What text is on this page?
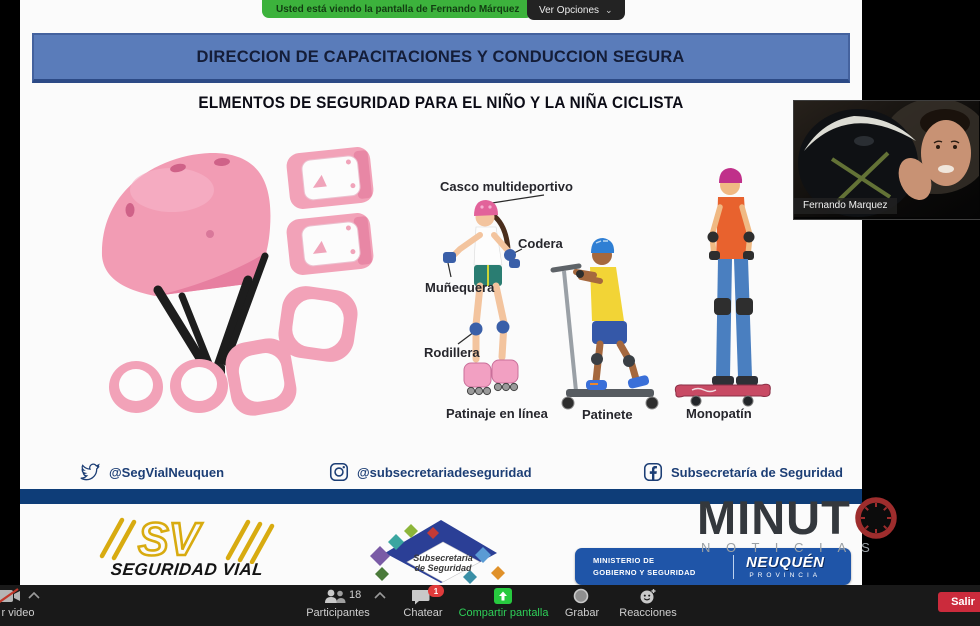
DIRECCION DE CAPACITACIONES Y CONDUCCION SEGURA
ELMENTOS DE SEGURIDAD PARA EL NIÑO Y LA NIÑA CICLISTA
Casco multideportivo
Codera
Muñequera
Rodillera
Patinaje en línea	Patinete	Monopatín
@SegVialNeuquen	@subsecretariadeseguridad	Subsecretaría de Seguridad
SV
SEGURIDAD VIAL
Subsecretaría
de Seguridad
MINISTERIO DE
GOBIERNO Y SEGURIDAD
NEUQUÉN
PROVINCIA
Usted está viendo la pantalla de Fernando Márquez Ver Opciones ⌄
Fernando Marquez
MINUT
N O T I C I A S
r video
18
Participantes
1
Chatear	Compartir pantalla	Grabar	Reacciones
Salir
